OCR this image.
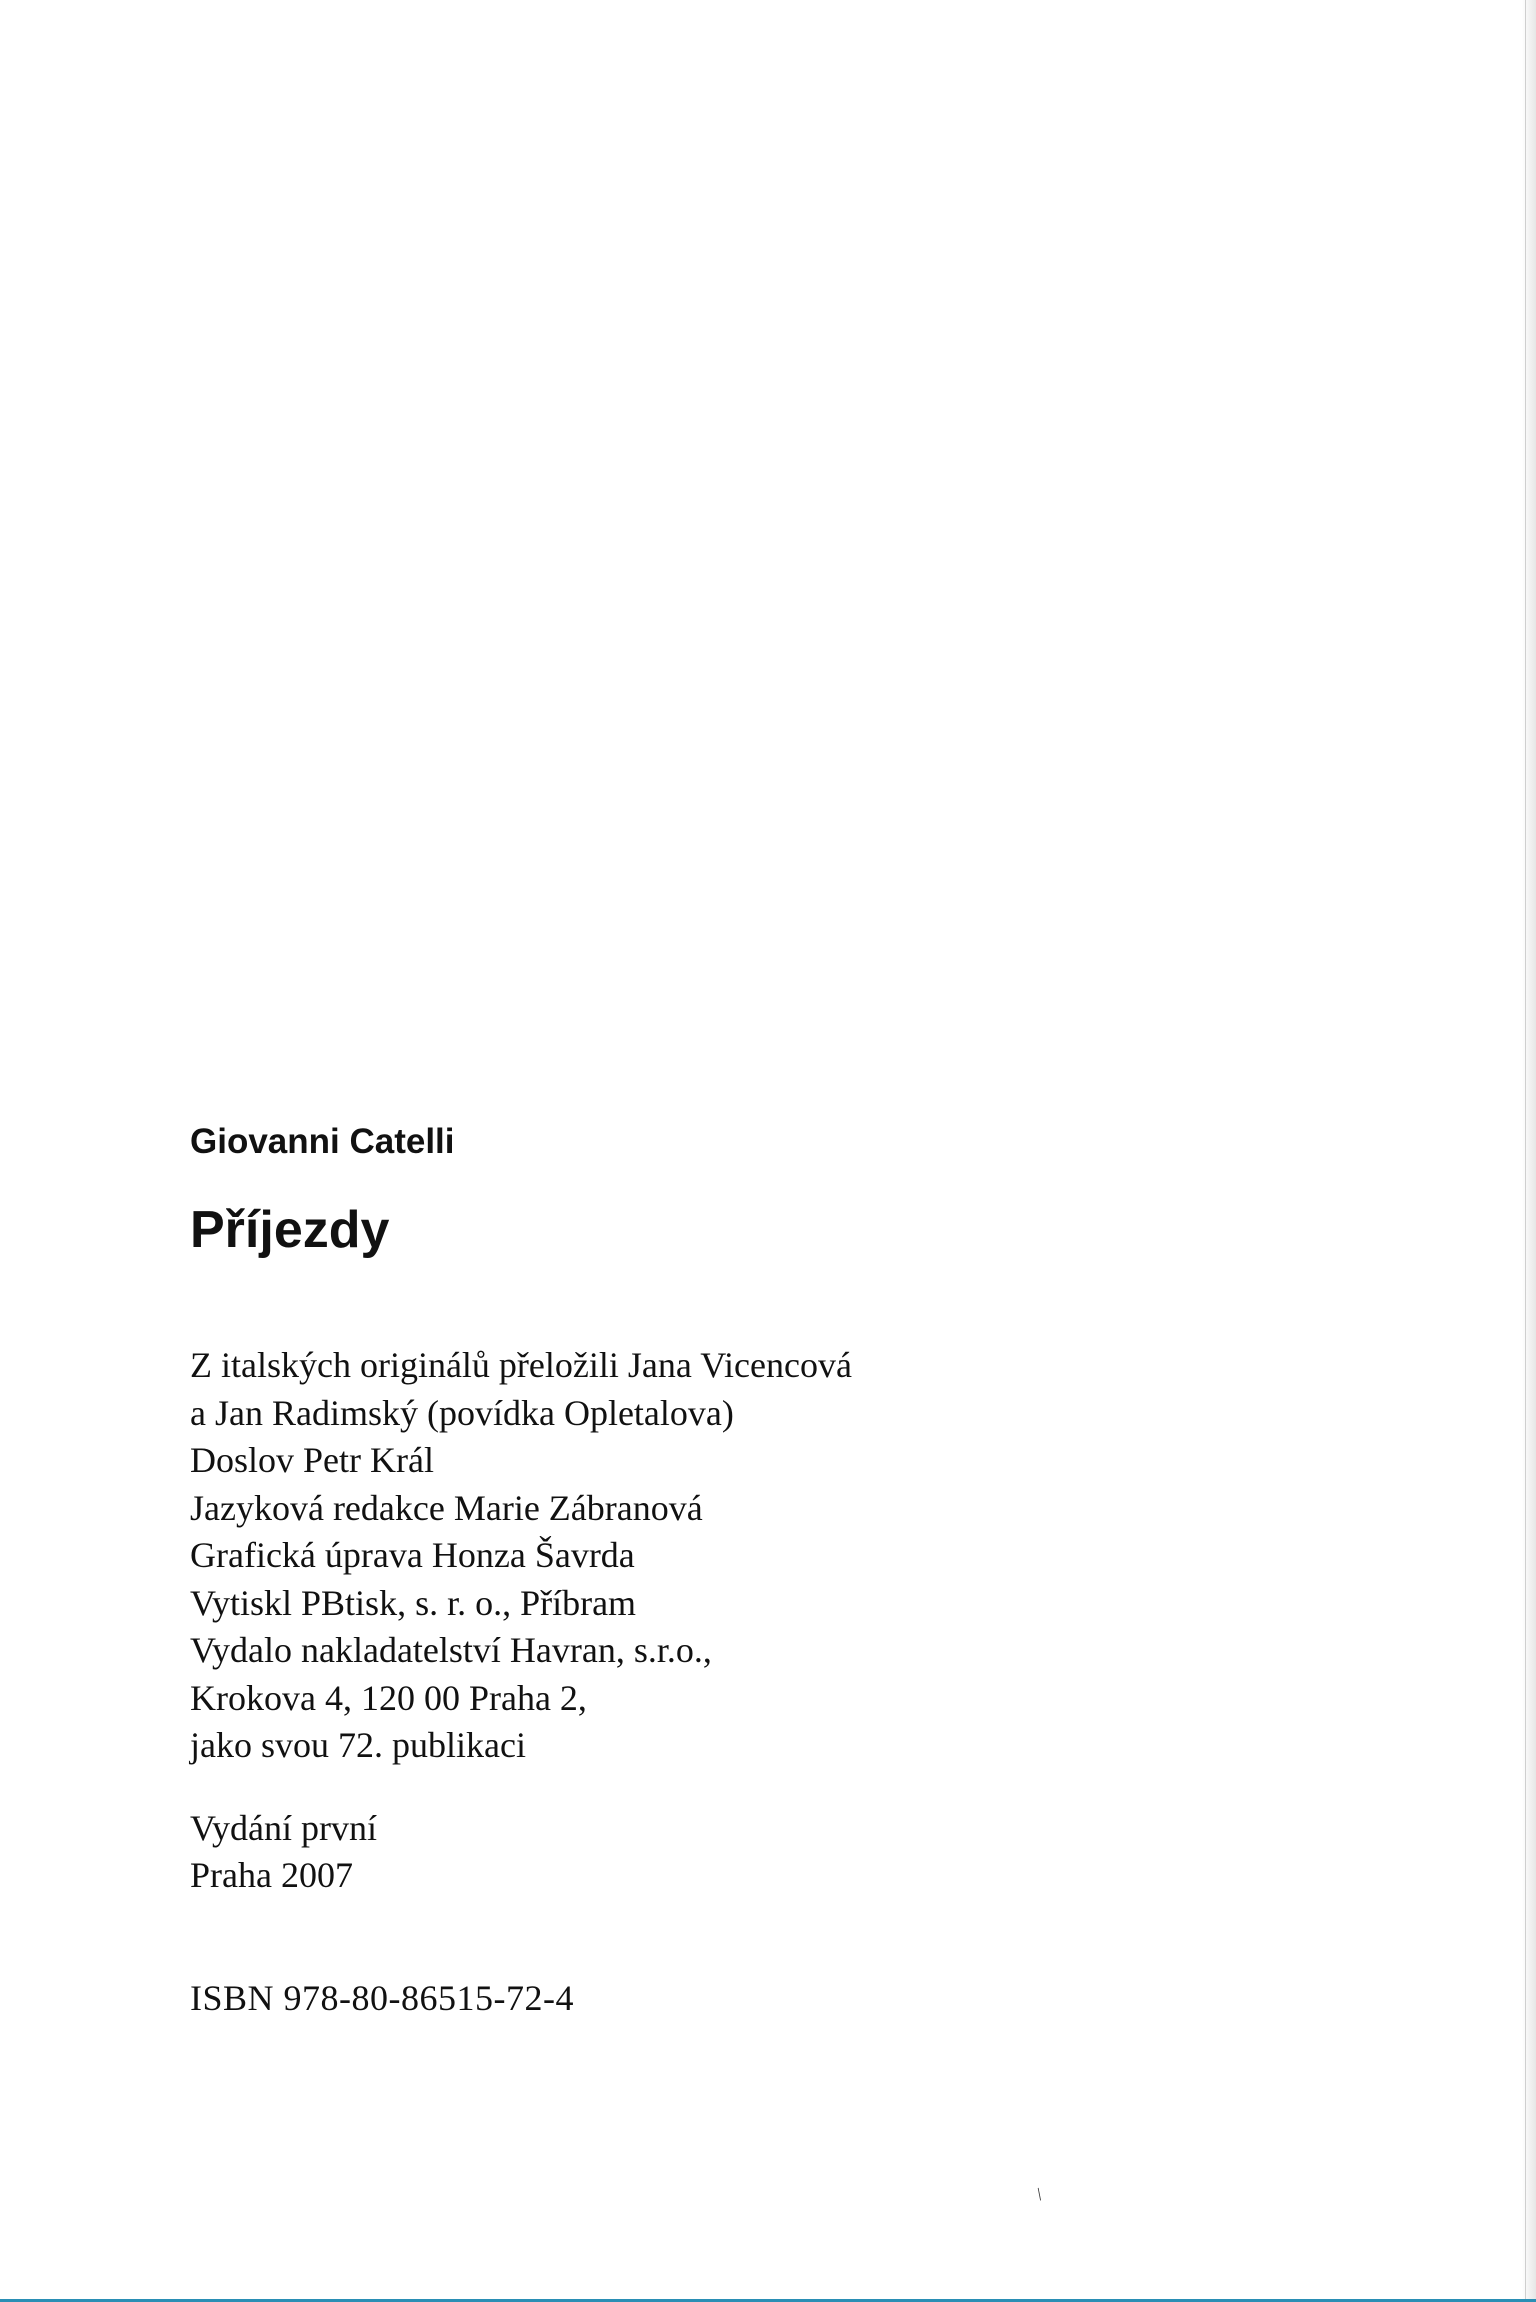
Giovanni Catelli

Příjezdy

Z italských originálů přeložili Jana Vicencová
a Jan Radimský (povídka Opletalova)
Doslov Petr Král
Jazyková redakce Marie Zábranová
Grafická úprava Honza Šavrda
Vytiskl PBtisk, s. r. o., Příbram
Vydalo nakladatelství Havran, s.r.o.,
Krokova 4, 120 00 Praha 2,
jako svou 72. publikaci
Vydání první
Praha 2007

ISBN 978-80-86515-72-4

/
